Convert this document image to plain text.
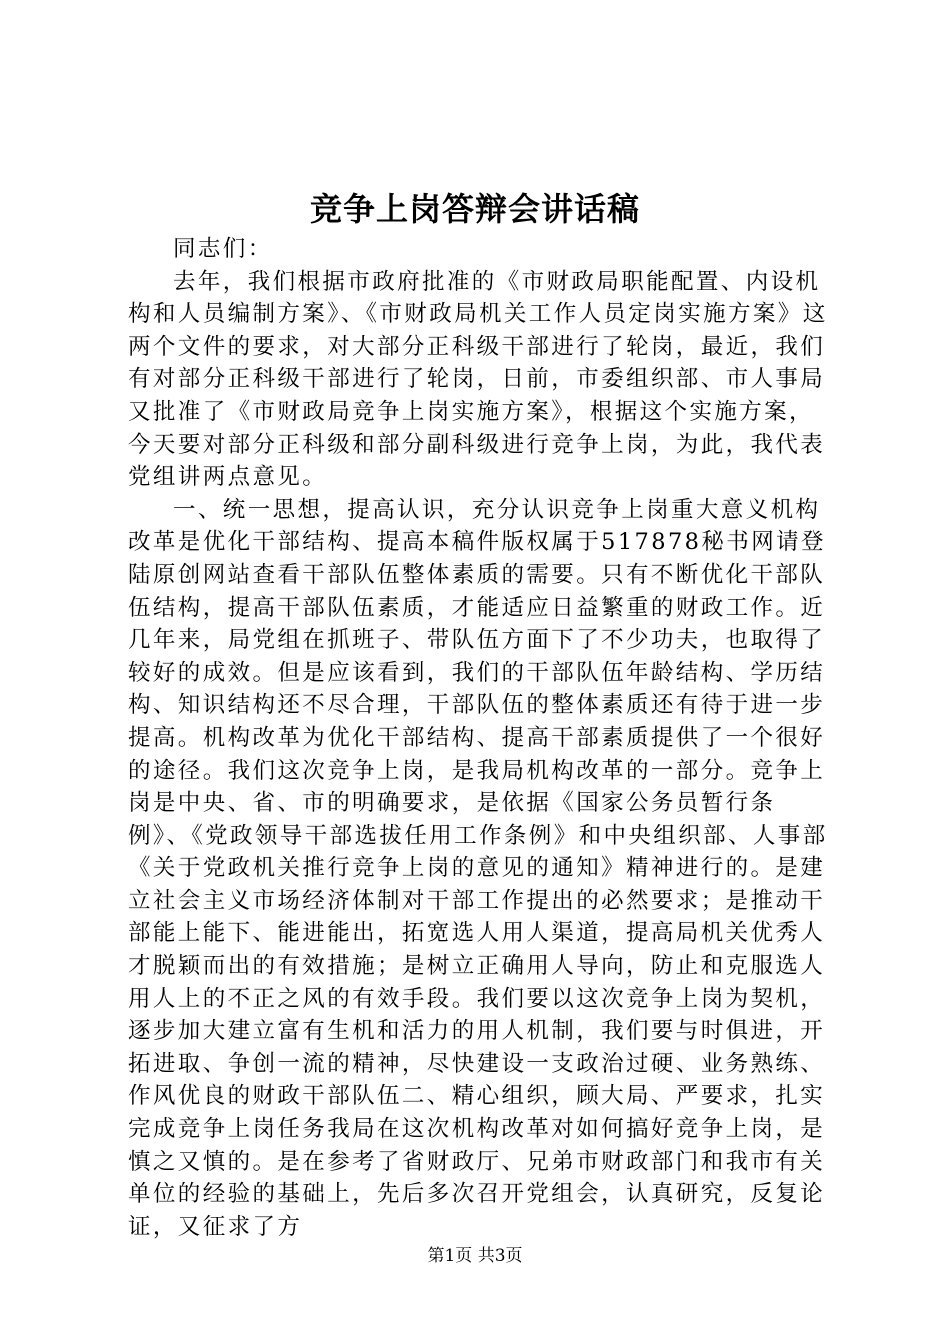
竞争上岗答辩会讲话稿

同志们：

去年，我们根据市政府批准的《市财政局职能配置、内设机构和人员编制方案》、《市财政局机关工作人员定岗实施方案》这两个文件的要求，对大部分正科级干部进行了轮岗，最近，我们有对部分正科级干部进行了轮岗，日前，市委组织部、市人事局又批准了《市财政局竞争上岗实施方案》，根据这个实施方案，今天要对部分正科级和部分副科级进行竞争上岗，为此，我代表党组讲两点意见。

一、统一思想，提高认识，充分认识竞争上岗重大意义机构改革是优化干部结构、提高本稿件版权属于517878秘书网请登陆原创网站查看干部队伍整体素质的需要。只有不断优化干部队伍结构，提高干部队伍素质，才能适应日益繁重的财政工作。近几年来，局党组在抓班子、带队伍方面下了不少功夫，也取得了较好的成效。但是应该看到，我们的干部队伍年龄结构、学历结构、知识结构还不尽合理，干部队伍的整体素质还有待于进一步提高。机构改革为优化干部结构、提高干部素质提供了一个很好的途径。我们这次竞争上岗，是我局机构改革的一部分。竞争上岗是中央、省、市的明确要求，是依据《国家公务员暂行条例》、《党政领导干部选拔任用工作条例》和中央组织部、人事部《关于党政机关推行竞争上岗的意见的通知》精神进行的。是建立社会主义市场经济体制对干部工作提出的必然要求；是推动干部能上能下、能进能出，拓宽选人用人渠道，提高局机关优秀人才脱颖而出的有效措施；是树立正确用人导向，防止和克服选人用人上的不正之风的有效手段。我们要以这次竞争上岗为契机，逐步加大建立富有生机和活力的用人机制，我们要与时俱进，开拓进取、争创一流的精神，尽快建设一支政治过硬、业务熟练、作风优良的财政干部队伍二、精心组织，顾大局、严要求，扎实完成竞争上岗任务我局在这次机构改革对如何搞好竞争上岗，是慎之又慎的。是在参考了省财政厅、兄弟市财政部门和我市有关单位的经验的基础上，先后多次召开党组会，认真研究，反复论证，又征求了方

第1页 共3页
